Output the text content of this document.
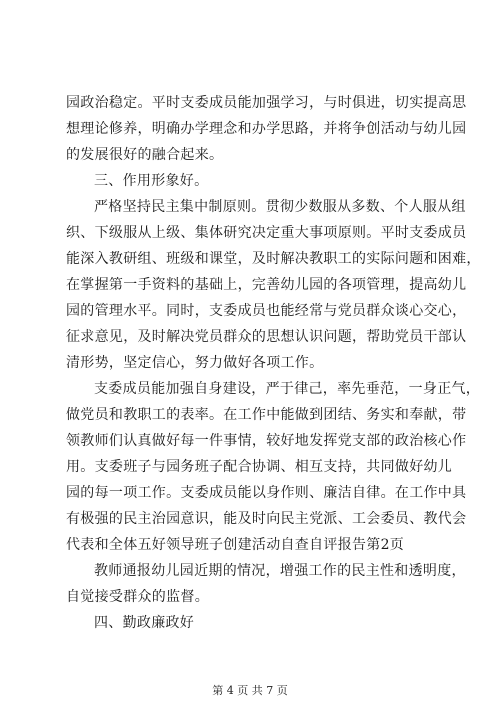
园政治稳定。平时支委成员能加强学习，与时俱进，切实提高思
想理论修养，明确办学理念和办学思路，并将争创活动与幼儿园
的发展很好的融合起来。
三、作用形象好。
严格坚持民主集中制原则。贯彻少数服从多数、个人服从组
织、下级服从上级、集体研究决定重大事项原则。平时支委成员
能深入教研组、班级和课堂，及时解决教职工的实际问题和困难，
在掌握第一手资料的基础上，完善幼儿园的各项管理，提高幼儿
园的管理水平。同时，支委成员也能经常与党员群众谈心交心，
征求意见，及时解决党员群众的思想认识问题，帮助党员干部认
清形势，坚定信心，努力做好各项工作。
支委成员能加强自身建设，严于律己，率先垂范，一身正气，
做党员和教职工的表率。在工作中能做到团结、务实和奉献，带
领教师们认真做好每一件事情，较好地发挥党支部的政治核心作
用。支委班子与园务班子配合协调、相互支持，共同做好幼儿
园的每一项工作。支委成员能以身作则、廉洁自律。在工作中具
有极强的民主治园意识，能及时向民主党派、工会委员、教代会
代表和全体五好领导班子创建活动自查自评报告第2页
教师通报幼儿园近期的情况，增强工作的民主性和透明度，
自觉接受群众的监督。
四、勤政廉政好
第 4 页 共 7 页
